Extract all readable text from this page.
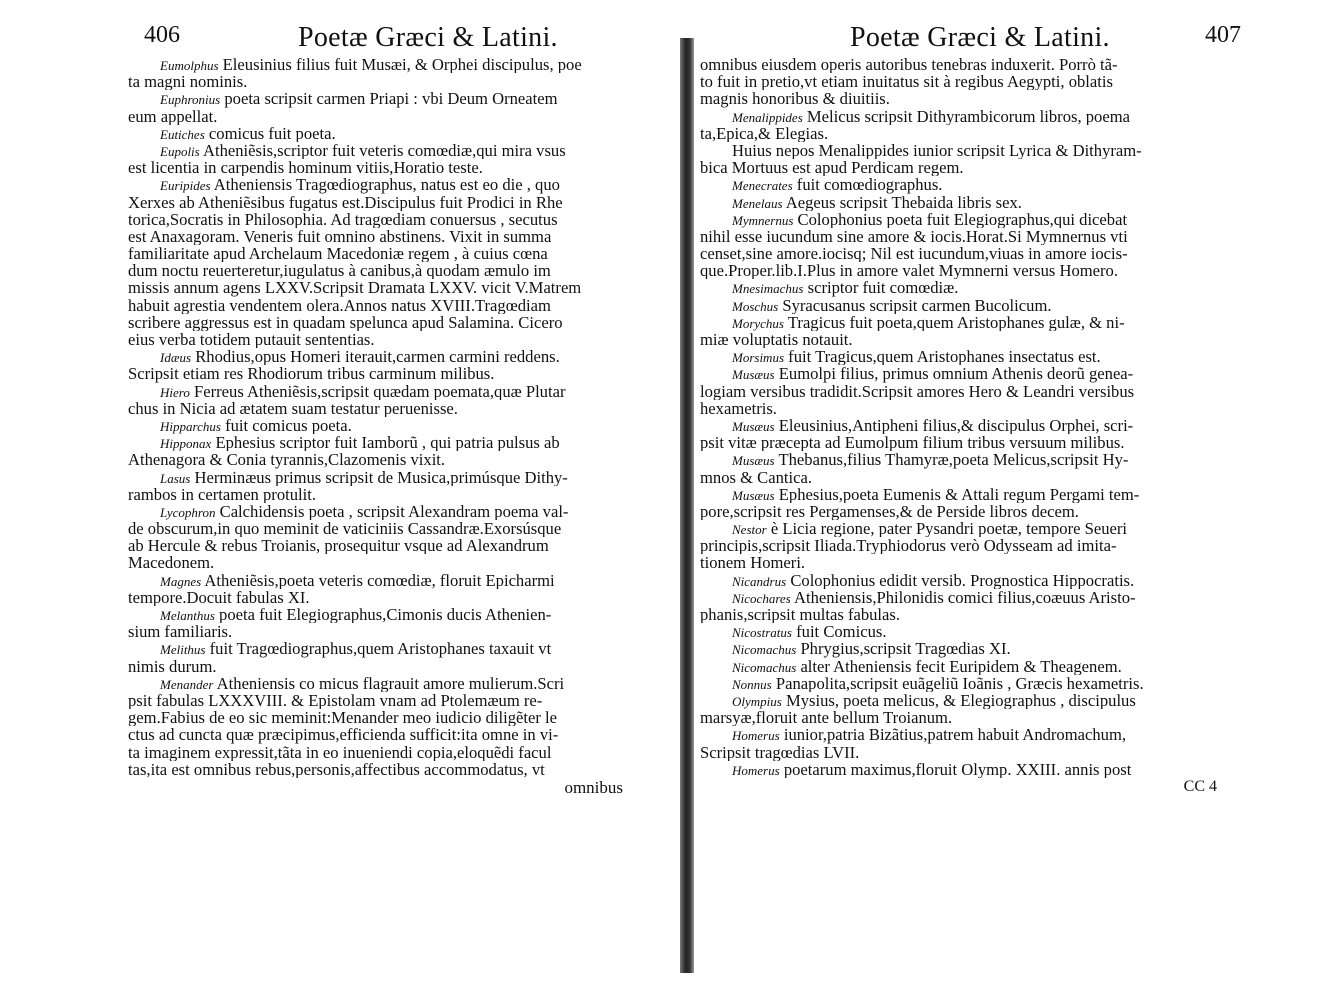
406	Poetæ Græci & Latini.
Eumolphus Eleusinius filius fuit Musæi, & Orphei discipulus, poe
ta magni nominis.
Euphronius poeta scripsit carmen Priapi : vbi Deum Orneatem
eum appellat.
Eutiches comicus fuit poeta.
Eupolis Atheniẽsis,scriptor fuit veteris comœdiæ,qui mira vsus
est licentia in carpendis hominum vitiis,Horatio teste.
Euripides Atheniensis Tragœdiographus, natus est eo die , quo
Xerxes ab Atheniẽsibus fugatus est.Discipulus fuit Prodici in Rhe
torica,Socratis in Philosophia. Ad tragœdiam conuersus , secutus
est Anaxagoram. Veneris fuit omnino abstinens. Vixit in summa
familiaritate apud Archelaum Macedoniæ regem , à cuius cœna
dum noctu reuerteretur,iugulatus à canibus,à quodam æmulo im
missis annum agens LXXV.Scripsit Dramata LXXV. vicit V.Matrem
habuit agrestia vendentem olera.Annos natus XVIII.Tragœdiam
scribere aggressus est in quadam spelunca apud Salamina. Cicero
eius verba totidem putauit sententias.
Idæus Rhodius,opus Homeri iterauit,carmen carmini reddens.
Scripsit etiam res Rhodiorum tribus carminum milibus.
Hiero Ferreus Atheniẽsis,scripsit quædam poemata,quæ Plutar
chus in Nicia ad ætatem suam testatur peruenisse.
Hipparchus fuit comicus poeta.
Hipponax Ephesius scriptor fuit Iamborũ , qui patria pulsus ab
Athenagora & Conia tyrannis,Clazomenis vixit.
Lasus Herminæus primus scripsit de Musica,primúsque Dithy-
rambos in certamen protulit.
Lycophron Calchidensis poeta , scripsit Alexandram poema val-
de obscurum,in quo meminit de vaticiniis Cassandræ.Exorsúsque
ab Hercule & rebus Troianis, prosequitur vsque ad Alexandrum
Macedonem.
Magnes Atheniẽsis,poeta veteris comœdiæ, floruit Epicharmi
tempore.Docuit fabulas XI.
Melanthus poeta fuit Elegiographus,Cimonis ducis Athenien-
sium familiaris.
Melithus fuit Tragœdiographus,quem Aristophanes taxauit vt
nimis durum.
Menander Atheniensis co micus flagrauit amore mulierum.Scri
psit fabulas LXXXVIII. & Epistolam vnam ad Ptolemæum re-
gem.Fabius de eo sic meminit:Menander meo iudicio diligẽter le
ctus ad cuncta quæ præcipimus,efficienda sufficit:ita omne in vi-
ta imaginem expressit,tãta in eo inueniendi copia,eloquẽdi facul
tas,ita est omnibus rebus,personis,affectibus accommodatus, vt
omnibus
Poetæ Græci & Latini.	407
omnibus eiusdem operis autoribus tenebras induxerit. Porrò tã-
to fuit in pretio,vt etiam inuitatus sit à regibus Aegypti, oblatis
magnis honoribus & diuitiis.
Menalippides Melicus scripsit Dithyrambicorum libros, poema
ta,Epica,& Elegias.
Huius nepos Menalippides iunior scripsit Lyrica & Dithyram-
bica Mortuus est apud Perdicam regem.
Menecrates fuit comœdiographus.
Menelaus Aegeus scripsit Thebaida libris sex.
Mymnernus Colophonius poeta fuit Elegiographus,qui dicebat
nihil esse iucundum sine amore & iocis.Horat.Si Mymnernus vti
censet,sine amore.iocisq; Nil est iucundum,viuas in amore iocis-
que.Proper.lib.I.Plus in amore valet Mymnerni versus Homero.
Mnesimachus scriptor fuit comœdiæ.
Moschus Syracusanus scripsit carmen Bucolicum.
Morychus Tragicus fuit poeta,quem Aristophanes gulæ, & ni-
miæ voluptatis notauit.
Morsimus fuit Tragicus,quem Aristophanes insectatus est.
Musæus Eumolpi filius, primus omnium Athenis deorũ genea-
logiam versibus tradidit.Scripsit amores Hero & Leandri versibus
hexametris.
Musæus Eleusinius,Antipheni filius,& discipulus Orphei, scri-
psit vitæ præcepta ad Eumolpum filium tribus versuum milibus.
Musæus Thebanus,filius Thamyræ,poeta Melicus,scripsit Hy-
mnos & Cantica.
Musæus Ephesius,poeta Eumenis & Attali regum Pergami tem-
pore,scripsit res Pergamenses,& de Perside libros decem.
Nestor è Licia regione, pater Pysandri poetæ, tempore Seueri
principis,scripsit Iliada.Tryphiodorus verò Odysseam ad imita-
tionem Homeri.
Nicandrus Colophonius edidit versib. Prognostica Hippocratis.
Nicochares Atheniensis,Philonidis comici filius,coæuus Aristo-
phanis,scripsit multas fabulas.
Nicostratus fuit Comicus.
Nicomachus Phrygius,scripsit Tragœdias XI.
Nicomachus alter Atheniensis fecit Euripidem & Theagenem.
Nonnus Panapolita,scripsit euãgeliũ Ioãnis , Græcis hexametris.
Olympius Mysius, poeta melicus, & Elegiographus , discipulus
marsyæ,floruit ante bellum Troianum.
Homerus iunior,patria Bizãtius,patrem habuit Andromachum,
Scripsit tragœdias LVII.
Homerus poetarum maximus,floruit Olymp. XXIII. annis post
CC 4
